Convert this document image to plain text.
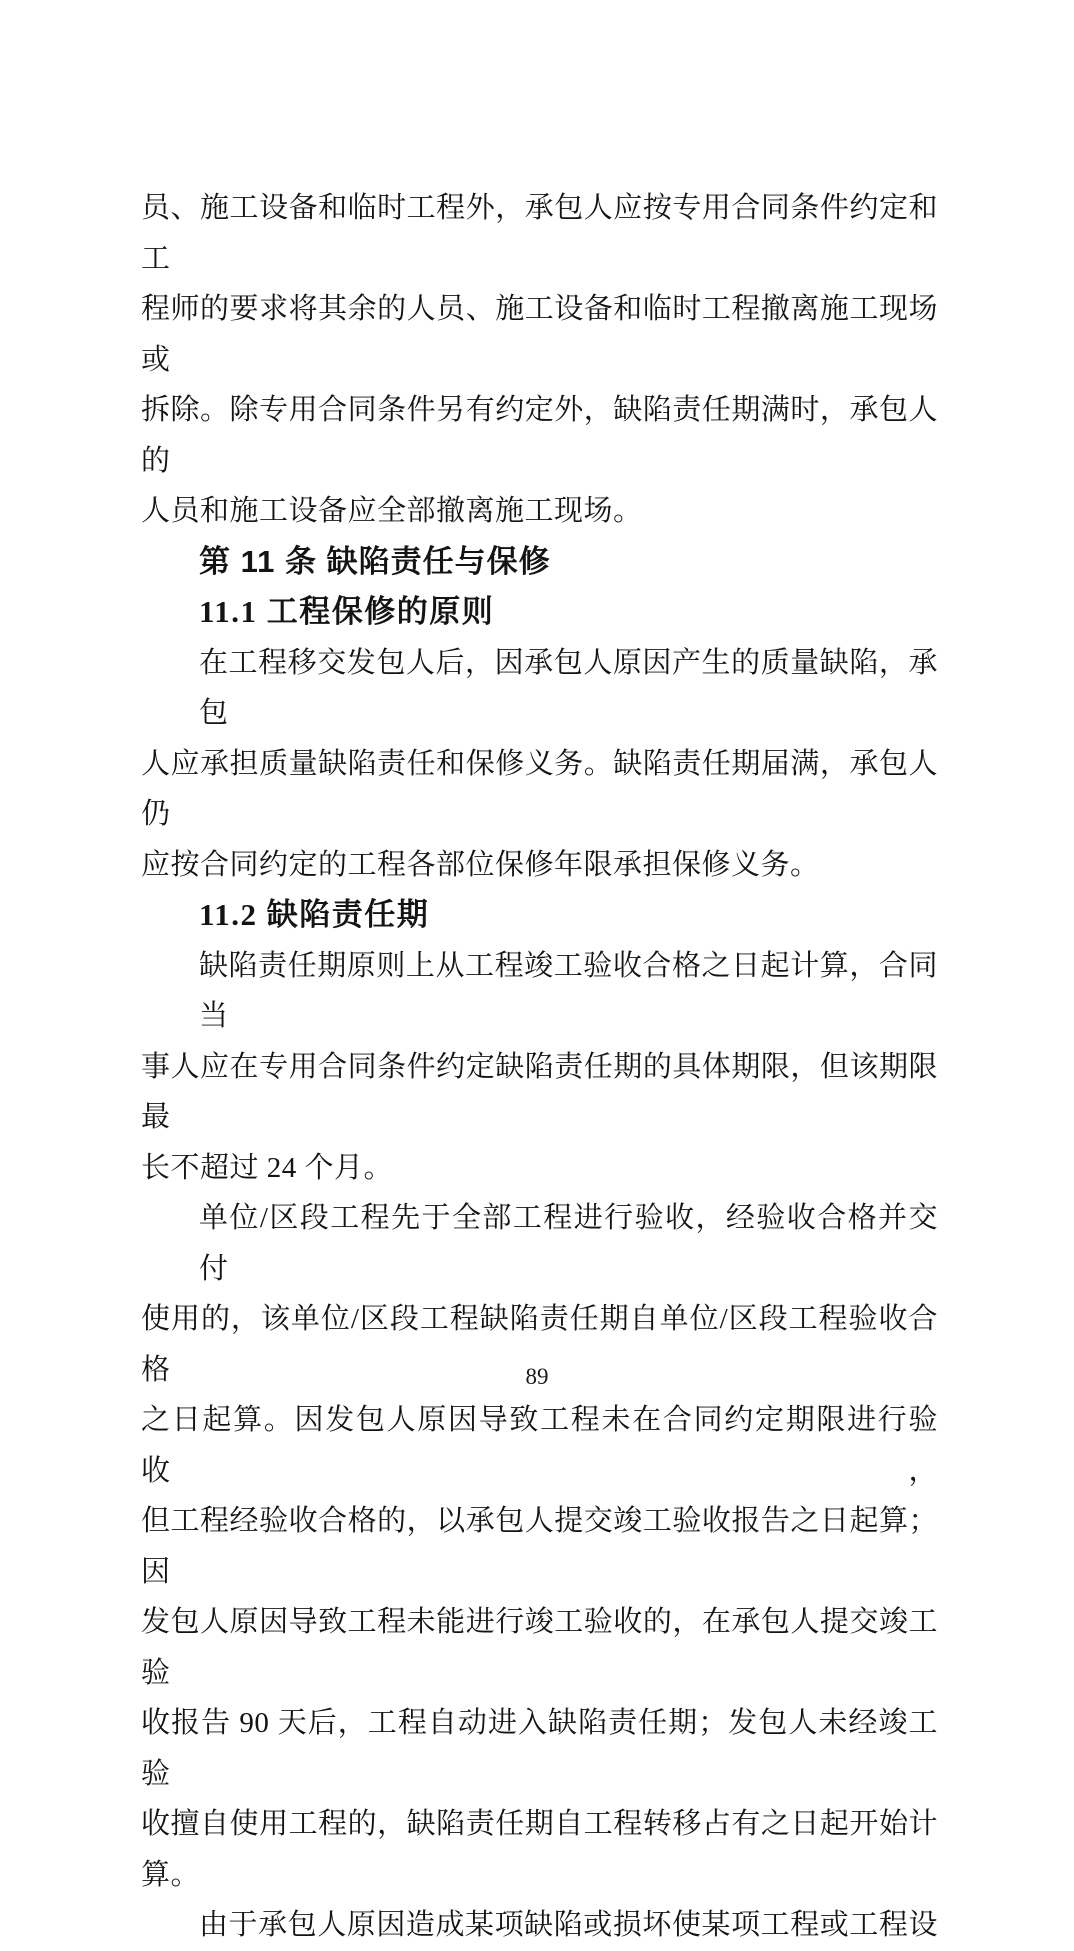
员、施工设备和临时工程外，承包人应按专用合同条件约定和工
程师的要求将其余的人员、施工设备和临时工程撤离施工现场或
拆除。除专用合同条件另有约定外，缺陷责任期满时，承包人的
人员和施工设备应全部撤离施工现场。
第 11 条 缺陷责任与保修
11.1 工程保修的原则
在工程移交发包人后，因承包人原因产生的质量缺陷，承包
人应承担质量缺陷责任和保修义务。缺陷责任期届满，承包人仍
应按合同约定的工程各部位保修年限承担保修义务。
11.2 缺陷责任期
缺陷责任期原则上从工程竣工验收合格之日起计算，合同当
事人应在专用合同条件约定缺陷责任期的具体期限，但该期限最
长不超过 24 个月。
单位/区段工程先于全部工程进行验收，经验收合格并交付
使用的，该单位/区段工程缺陷责任期自单位/区段工程验收合格
之日起算。因发包人原因导致工程未在合同约定期限进行验收，
但工程经验收合格的，以承包人提交竣工验收报告之日起算；因
发包人原因导致工程未能进行竣工验收的，在承包人提交竣工验
收报告 90 天后，工程自动进入缺陷责任期；发包人未经竣工验
收擅自使用工程的，缺陷责任期自工程转移占有之日起开始计
算。
由于承包人原因造成某项缺陷或损坏使某项工程或工程设
89
